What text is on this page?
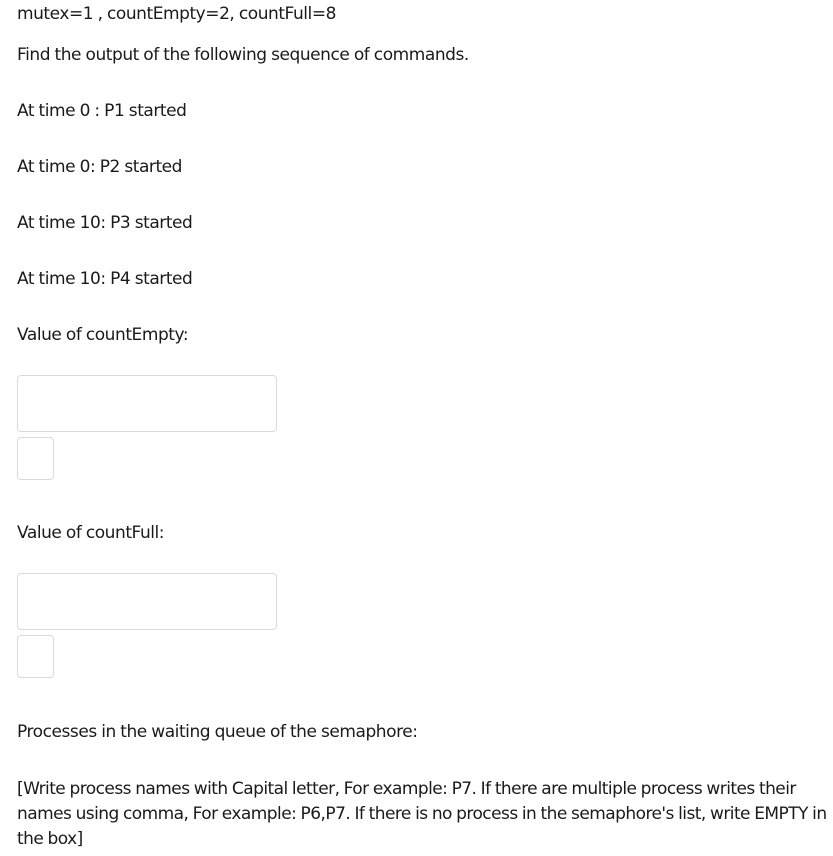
mutex=1 , countEmpty=2, countFull=8

Find the output of the following sequence of commands.

At time 0 : P1 started

At time 0: P2 started

At time 10: P3 started

At time 10: P4 started

Value of countEmpty:

Value of countFull:

Processes in the waiting queue of the semaphore:

[Write process names with Capital letter, For example: P7. If there are multiple process writes their names using comma, For example: P6,P7. If there is no process in the semaphore's list, write EMPTY in the box]
